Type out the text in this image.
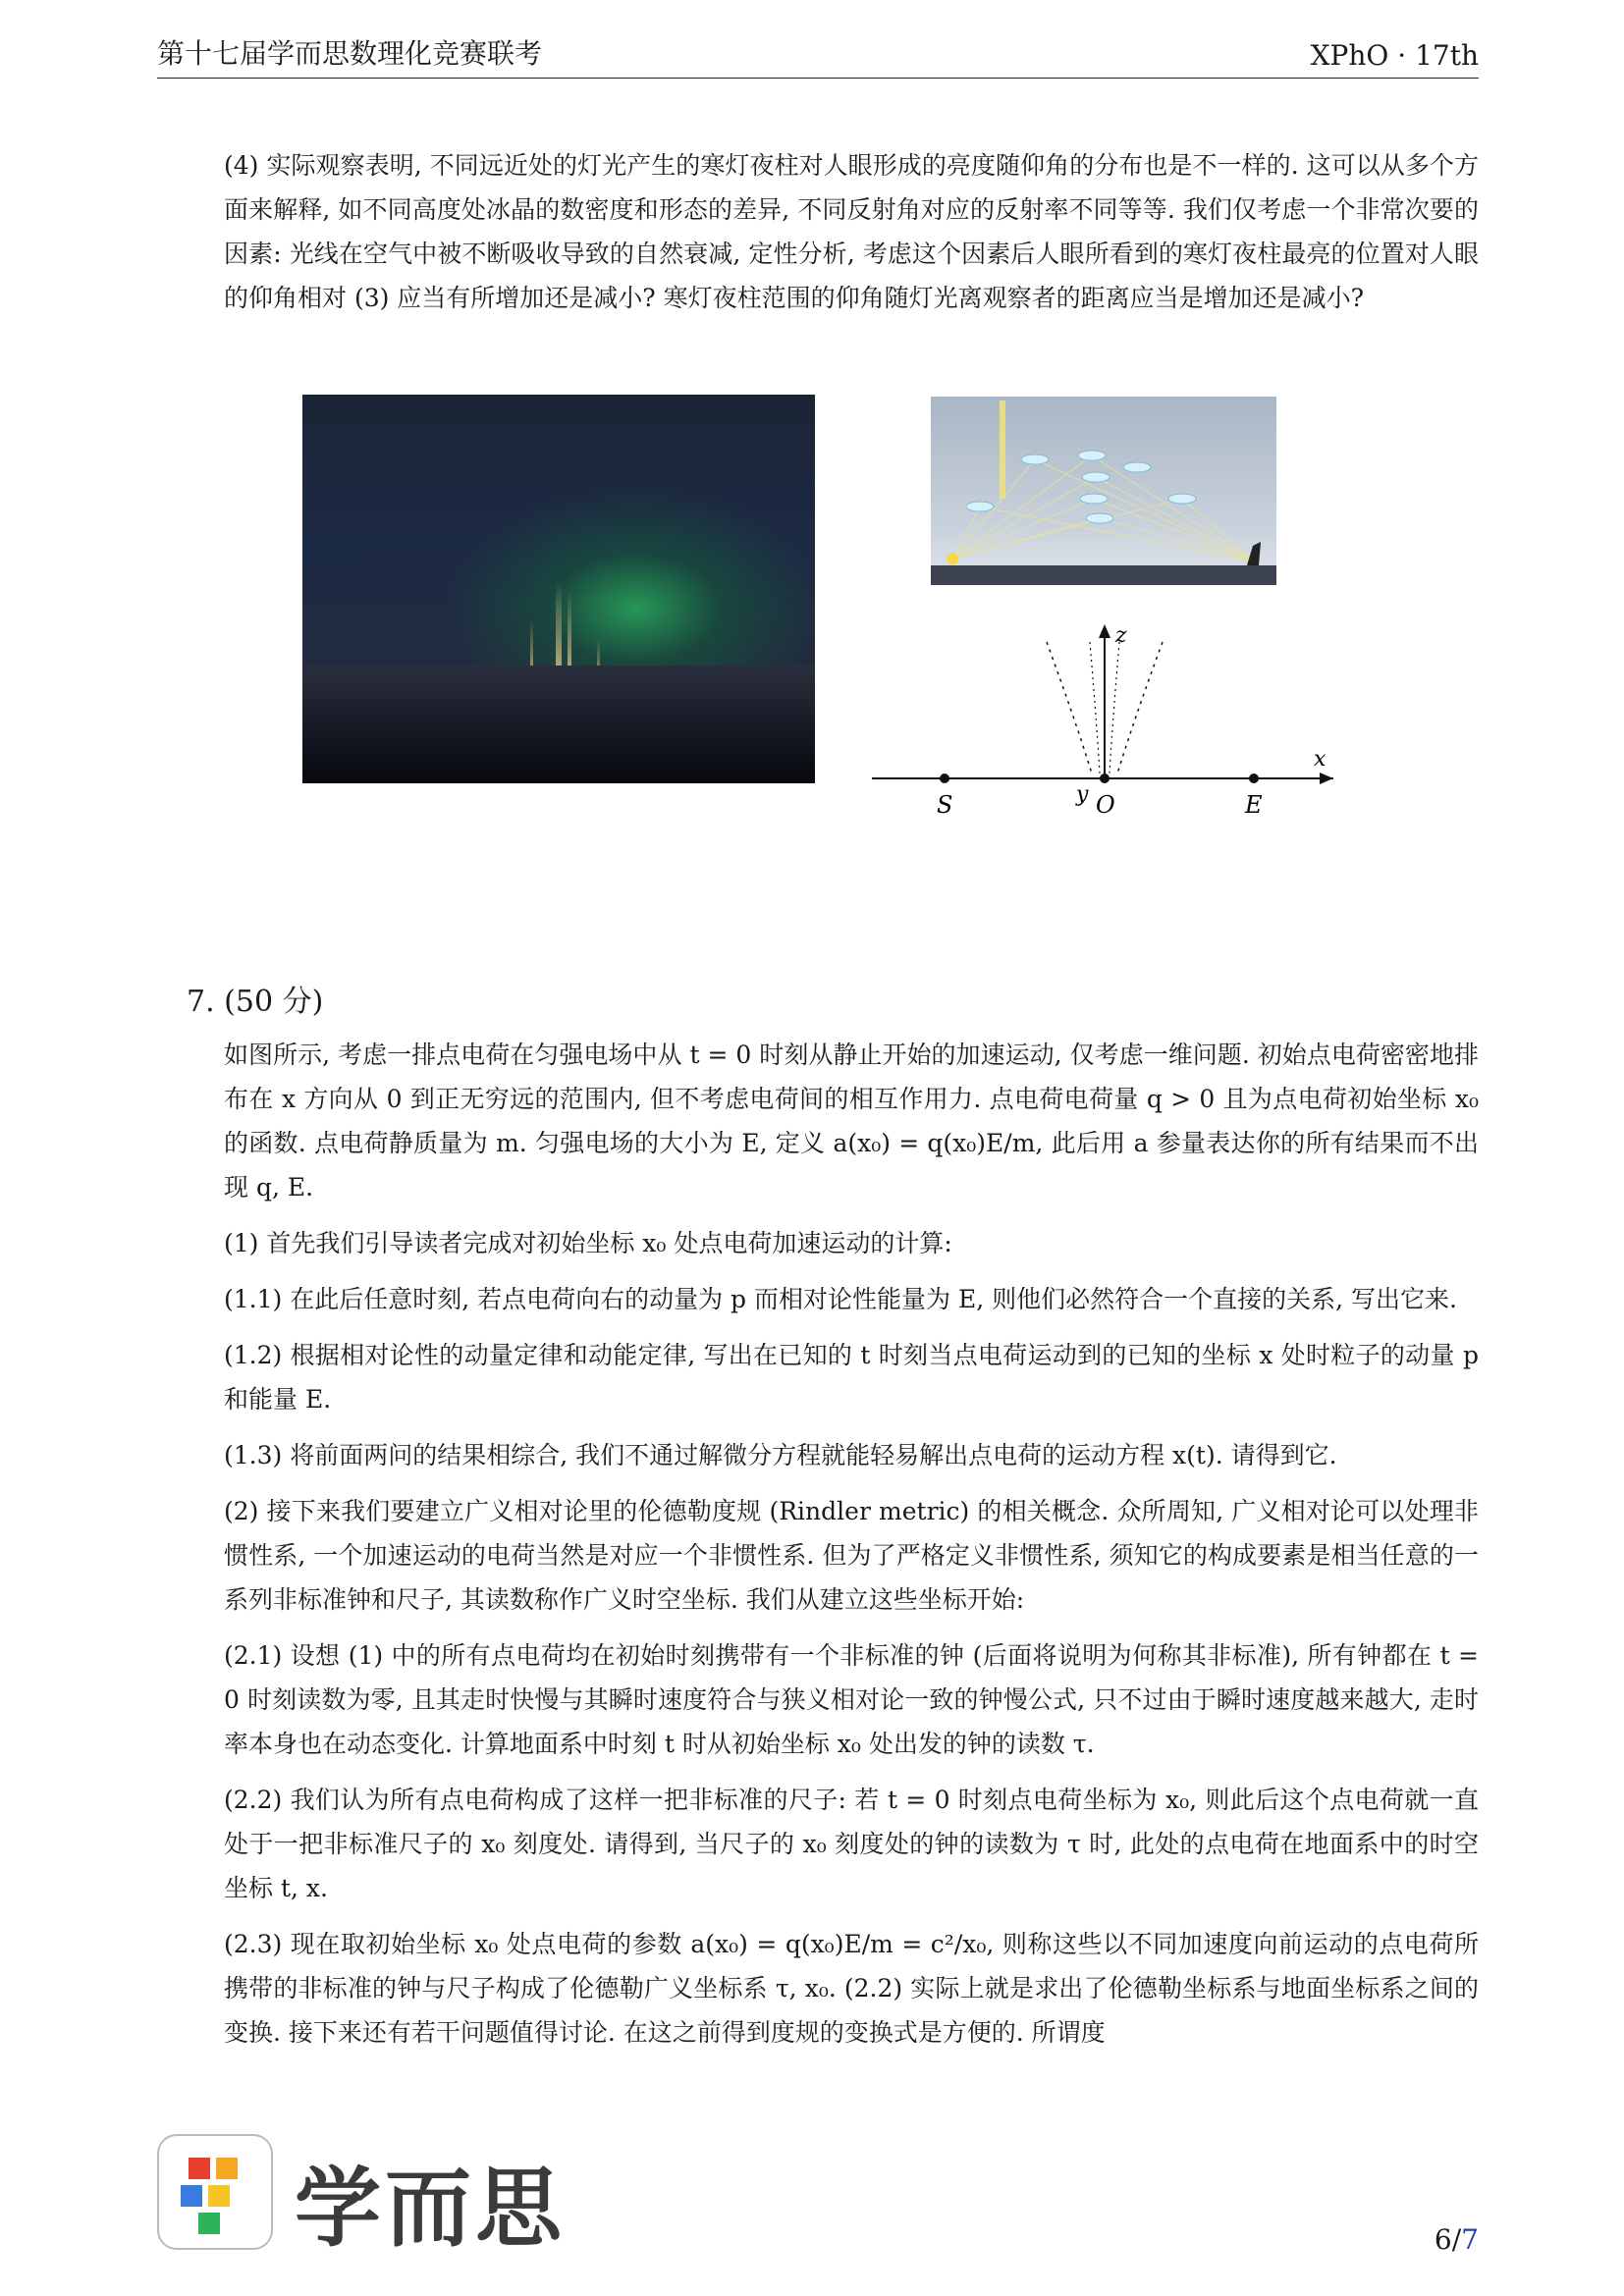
第十七届学而思数理化竞赛联考	XPhO · 17th

(4) 实际观察表明, 不同远近处的灯光产生的寒灯夜柱对人眼形成的亮度随仰角的分布也是不一样的. 这可以从多个方面来解释, 如不同高度处冰晶的数密度和形态的差异, 不同反射角对应的反射率不同等等. 我们仅考虑一个非常次要的因素: 光线在空气中被不断吸收导致的自然衰减, 定性分析, 考虑这个因素后人眼所看到的寒灯夜柱最亮的位置对人眼的仰角相对 (3) 应当有所增加还是减小? 寒灯夜柱范围的仰角随灯光离观察者的距离应当是增加还是减小?

z
x
y
S	O	E
7. (50 分)

如图所示, 考虑一排点电荷在匀强电场中从 t = 0 时刻从静止开始的加速运动, 仅考虑一维问题. 初始点电荷密密地排布在 x 方向从 0 到正无穷远的范围内, 但不考虑电荷间的相互作用力. 点电荷电荷量 q > 0 且为点电荷初始坐标 x₀ 的函数. 点电荷静质量为 m. 匀强电场的大小为 E, 定义 a(x₀) = q(x₀)E/m, 此后用 a 参量表达你的所有结果而不出现 q, E.

(1) 首先我们引导读者完成对初始坐标 x₀ 处点电荷加速运动的计算:

(1.1) 在此后任意时刻, 若点电荷向右的动量为 p 而相对论性能量为 E, 则他们必然符合一个直接的关系, 写出它来.

(1.2) 根据相对论性的动量定律和动能定律, 写出在已知的 t 时刻当点电荷运动到的已知的坐标 x 处时粒子的动量 p 和能量 E.

(1.3) 将前面两问的结果相综合, 我们不通过解微分方程就能轻易解出点电荷的运动方程 x(t). 请得到它.

(2) 接下来我们要建立广义相对论里的伦德勒度规 (Rindler metric) 的相关概念. 众所周知, 广义相对论可以处理非惯性系, 一个加速运动的电荷当然是对应一个非惯性系. 但为了严格定义非惯性系, 须知它的构成要素是相当任意的一系列非标准钟和尺子, 其读数称作广义时空坐标. 我们从建立这些坐标开始:

(2.1) 设想 (1) 中的所有点电荷均在初始时刻携带有一个非标准的钟 (后面将说明为何称其非标准), 所有钟都在 t = 0 时刻读数为零, 且其走时快慢与其瞬时速度符合与狭义相对论一致的钟慢公式, 只不过由于瞬时速度越来越大, 走时率本身也在动态变化. 计算地面系中时刻 t 时从初始坐标 x₀ 处出发的钟的读数 τ.

(2.2) 我们认为所有点电荷构成了这样一把非标准的尺子: 若 t = 0 时刻点电荷坐标为 x₀, 则此后这个点电荷就一直处于一把非标准尺子的 x₀ 刻度处. 请得到, 当尺子的 x₀ 刻度处的钟的读数为 τ 时, 此处的点电荷在地面系中的时空坐标 t, x.

(2.3) 现在取初始坐标 x₀ 处点电荷的参数 a(x₀) = q(x₀)E/m = c²/x₀, 则称这些以不同加速度向前运动的点电荷所携带的非标准的钟与尺子构成了伦德勒广义坐标系 τ, x₀. (2.2) 实际上就是求出了伦德勒坐标系与地面坐标系之间的变换. 接下来还有若干问题值得讨论. 在这之前得到度规的变换式是方便的. 所谓度

学而思	6/7
